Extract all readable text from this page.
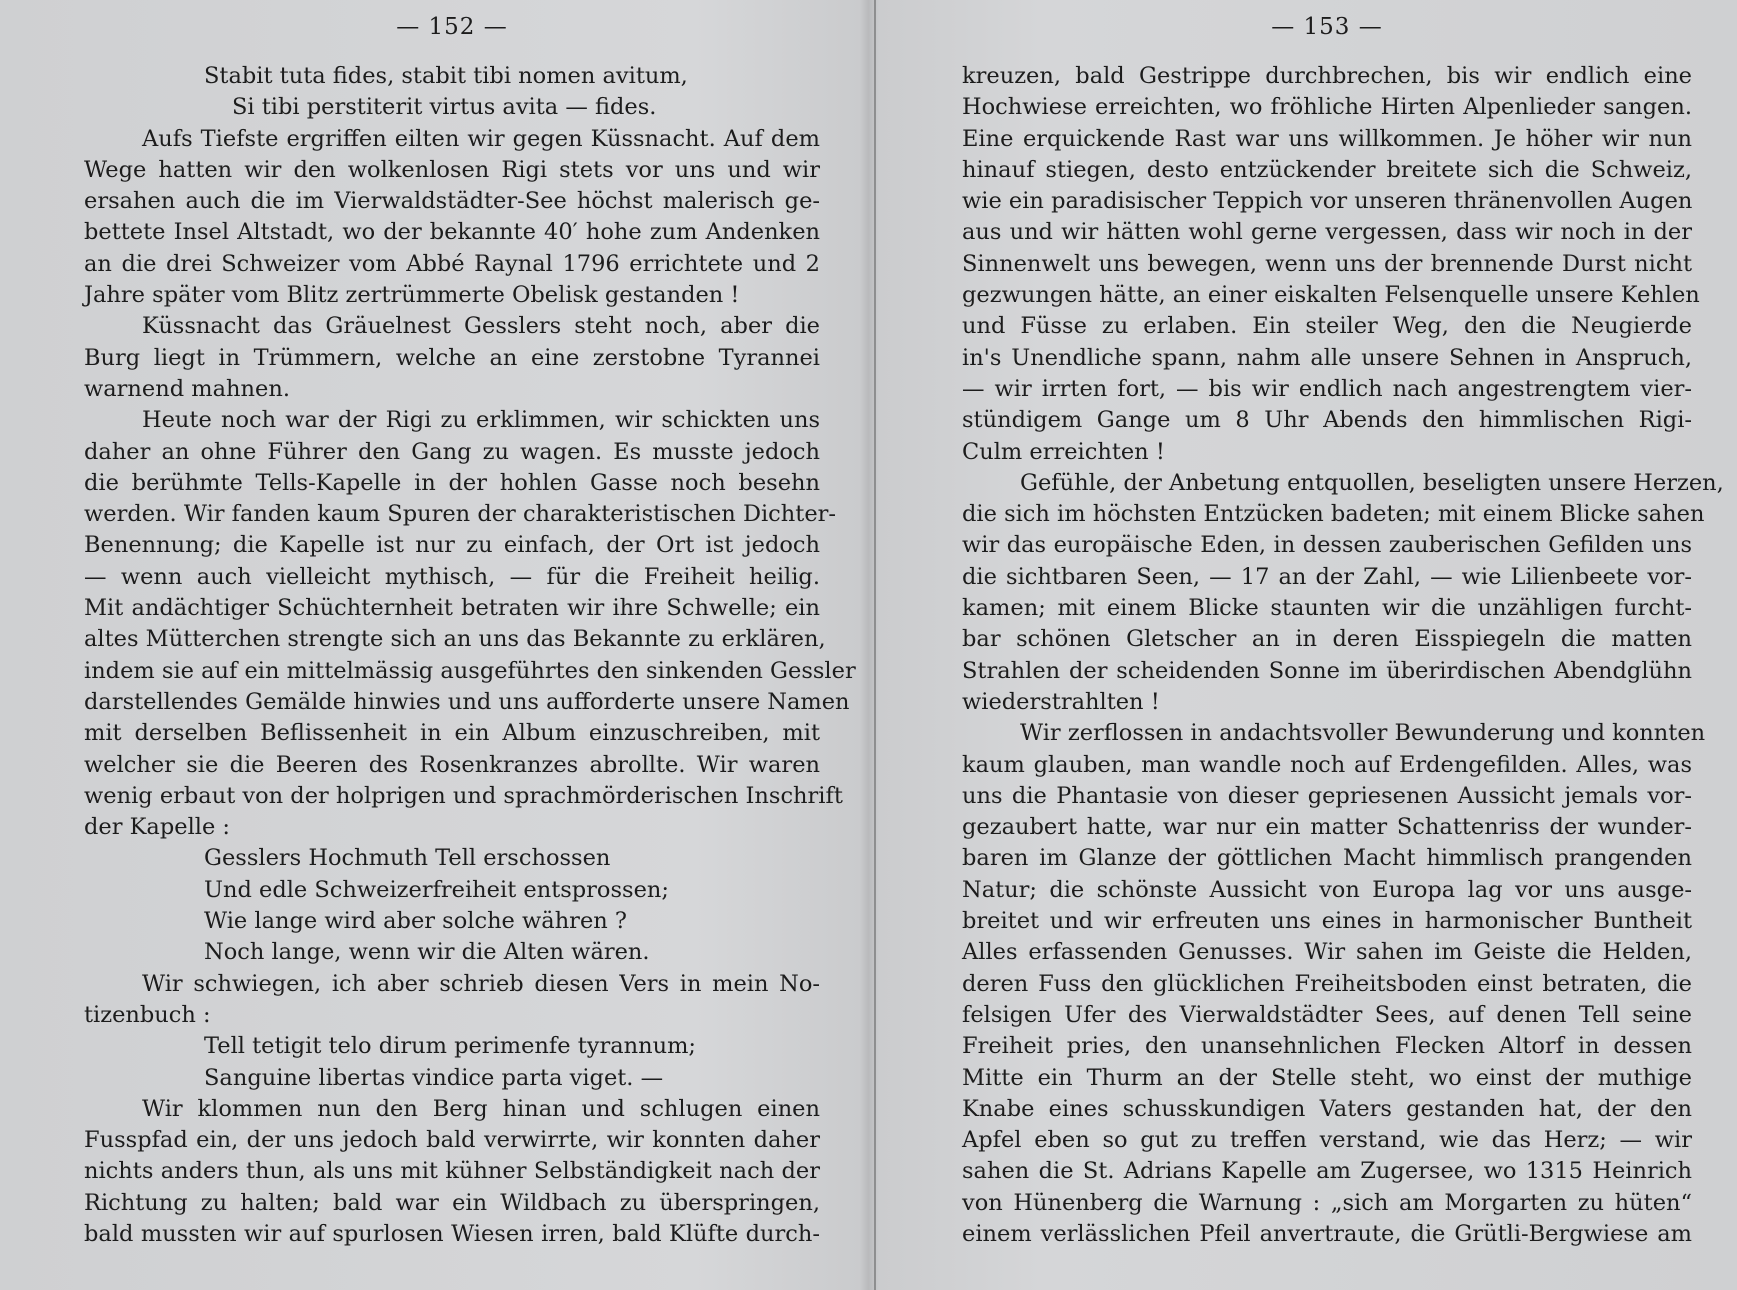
— 152 —
Stabit tuta fides, stabit tibi nomen avitum,
Si tibi perstiterit virtus avita — fides.
Aufs Tiefste ergriffen eilten wir gegen Küssnacht. Auf dem
Wege hatten wir den wolkenlosen Rigi stets vor uns und wir
ersahen auch die im Vierwaldstädter-See höchst malerisch ge-
bettete Insel Altstadt, wo der bekannte 40′ hohe zum Andenken
an die drei Schweizer vom Abbé Raynal 1796 errichtete und 2
Jahre später vom Blitz zertrümmerte Obelisk gestanden !
Küssnacht das Gräuelnest Gesslers steht noch, aber die
Burg liegt in Trümmern, welche an eine zerstobne Tyrannei
warnend mahnen.
Heute noch war der Rigi zu erklimmen, wir schickten uns
daher an ohne Führer den Gang zu wagen. Es musste jedoch
die berühmte Tells-Kapelle in der hohlen Gasse noch besehn
werden. Wir fanden kaum Spuren der charakteristischen Dichter-
Benennung; die Kapelle ist nur zu einfach, der Ort ist jedoch
— wenn auch vielleicht mythisch, — für die Freiheit heilig.
Mit andächtiger Schüchternheit betraten wir ihre Schwelle; ein
altes Mütterchen strengte sich an uns das Bekannte zu erklären,
indem sie auf ein mittelmässig ausgeführtes den sinkenden Gessler
darstellendes Gemälde hinwies und uns aufforderte unsere Namen
mit derselben Beflissenheit in ein Album einzuschreiben, mit
welcher sie die Beeren des Rosenkranzes abrollte. Wir waren
wenig erbaut von der holprigen und sprachmörderischen Inschrift
der Kapelle :
Gesslers Hochmuth Tell erschossen
Und edle Schweizerfreiheit entsprossen;
Wie lange wird aber solche währen ?
Noch lange, wenn wir die Alten wären.
Wir schwiegen, ich aber schrieb diesen Vers in mein No-
tizenbuch :
Tell tetigit telo dirum perimenfe tyrannum;
Sanguine libertas vindice parta viget. —
Wir klommen nun den Berg hinan und schlugen einen
Fusspfad ein, der uns jedoch bald verwirrte, wir konnten daher
nichts anders thun, als uns mit kühner Selbständigkeit nach der
Richtung zu halten; bald war ein Wildbach zu überspringen,
bald mussten wir auf spurlosen Wiesen irren, bald Klüfte durch-
— 153 —
kreuzen, bald Gestrippe durchbrechen, bis wir endlich eine
Hochwiese erreichten, wo fröhliche Hirten Alpenlieder sangen.
Eine erquickende Rast war uns willkommen. Je höher wir nun
hinauf stiegen, desto entzückender breitete sich die Schweiz,
wie ein paradisischer Teppich vor unseren thränenvollen Augen
aus und wir hätten wohl gerne vergessen, dass wir noch in der
Sinnenwelt uns bewegen, wenn uns der brennende Durst nicht
gezwungen hätte, an einer eiskalten Felsenquelle unsere Kehlen
und Füsse zu erlaben. Ein steiler Weg, den die Neugierde
in's Unendliche spann, nahm alle unsere Sehnen in Anspruch,
— wir irrten fort, — bis wir endlich nach angestrengtem vier-
stündigem Gange um 8 Uhr Abends den himmlischen Rigi-
Culm erreichten !
Gefühle, der Anbetung entquollen, beseligten unsere Herzen,
die sich im höchsten Entzücken badeten; mit einem Blicke sahen
wir das europäische Eden, in dessen zauberischen Gefilden uns
die sichtbaren Seen, — 17 an der Zahl, — wie Lilienbeete vor-
kamen; mit einem Blicke staunten wir die unzähligen furcht-
bar schönen Gletscher an in deren Eisspiegeln die matten
Strahlen der scheidenden Sonne im überirdischen Abendglühn
wiederstrahlten !
Wir zerflossen in andachtsvoller Bewunderung und konnten
kaum glauben, man wandle noch auf Erdengefilden. Alles, was
uns die Phantasie von dieser gepriesenen Aussicht jemals vor-
gezaubert hatte, war nur ein matter Schattenriss der wunder-
baren im Glanze der göttlichen Macht himmlisch prangenden
Natur; die schönste Aussicht von Europa lag vor uns ausge-
breitet und wir erfreuten uns eines in harmonischer Buntheit
Alles erfassenden Genusses. Wir sahen im Geiste die Helden,
deren Fuss den glücklichen Freiheitsboden einst betraten, die
felsigen Ufer des Vierwaldstädter Sees, auf denen Tell seine
Freiheit pries, den unansehnlichen Flecken Altorf in dessen
Mitte ein Thurm an der Stelle steht, wo einst der muthige
Knabe eines schusskundigen Vaters gestanden hat, der den
Apfel eben so gut zu treffen verstand, wie das Herz; — wir
sahen die St. Adrians Kapelle am Zugersee, wo 1315 Heinrich
von Hünenberg die Warnung : „sich am Morgarten zu hüten“
einem verlässlichen Pfeil anvertraute, die Grütli-Bergwiese am
